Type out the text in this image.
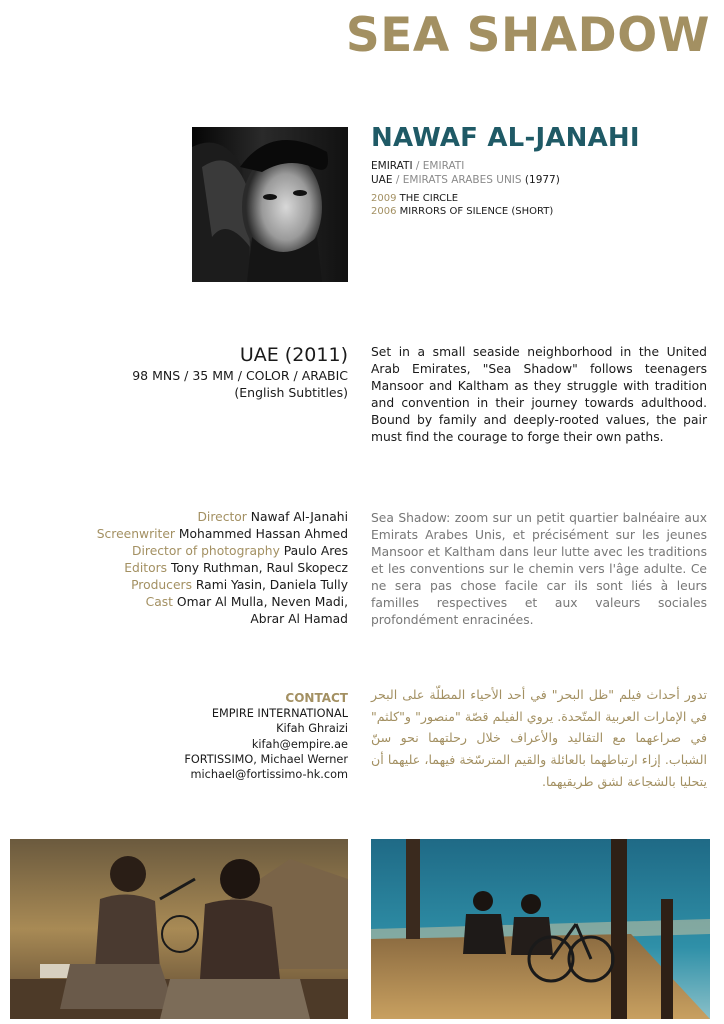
SEA SHADOW
NAWAF AL-JANAHI
EMIRATI / EMIRATI
UAE / EMIRATS ARABES UNIS (1977)
2009 THE CIRCLE
2006 MIRRORS OF SILENCE (SHORT)
UAE (2011)
98 MNS / 35 MM / COLOR / ARABIC
(English Subtitles)

Set in a small seaside neighborhood in the United Arab Emirates, "Sea Shadow" follows teenagers Mansoor and Kaltham as they struggle with tradition and convention in their journey towards adulthood. Bound by family and deeply-rooted values, the pair must find the courage to forge their own paths.

Director Nawaf Al-Janahi
Screenwriter Mohammed Hassan Ahmed
Director of photography Paulo Ares
Editors Tony Ruthman, Raul Skopecz
Producers Rami Yasin, Daniela Tully
Cast Omar Al Mulla, Neven Madi,
Abrar Al Hamad

Sea Shadow: zoom sur un petit quartier balnéaire aux Emirats Arabes Unis, et précisément sur les jeunes Mansoor et Kaltham dans leur lutte avec les traditions et les conventions sur le chemin vers l'âge adulte. Ce ne sera pas chose facile car ils sont liés à leurs familles respectives et aux valeurs sociales profondément enracinées.

CONTACT
EMPIRE INTERNATIONAL
Kifah Ghraizi
kifah@empire.ae
FORTISSIMO, Michael Werner
michael@fortissimo-hk.com

تدور أحداث فيلم "ظل البحر" في أحد الأحياء المطلّة على البحر في الإمارات العربية المتّحدة. يروي الفيلم قصّة "منصور" و"كلثم" في صراعهما مع التقاليد والأعراف خلال رحلتهما نحو سنّ الشباب. إزاء ارتباطهما بالعائلة والقيم المترسّخة فيهما، عليهما أن يتحليا بالشجاعة لشق طريقيهما.
